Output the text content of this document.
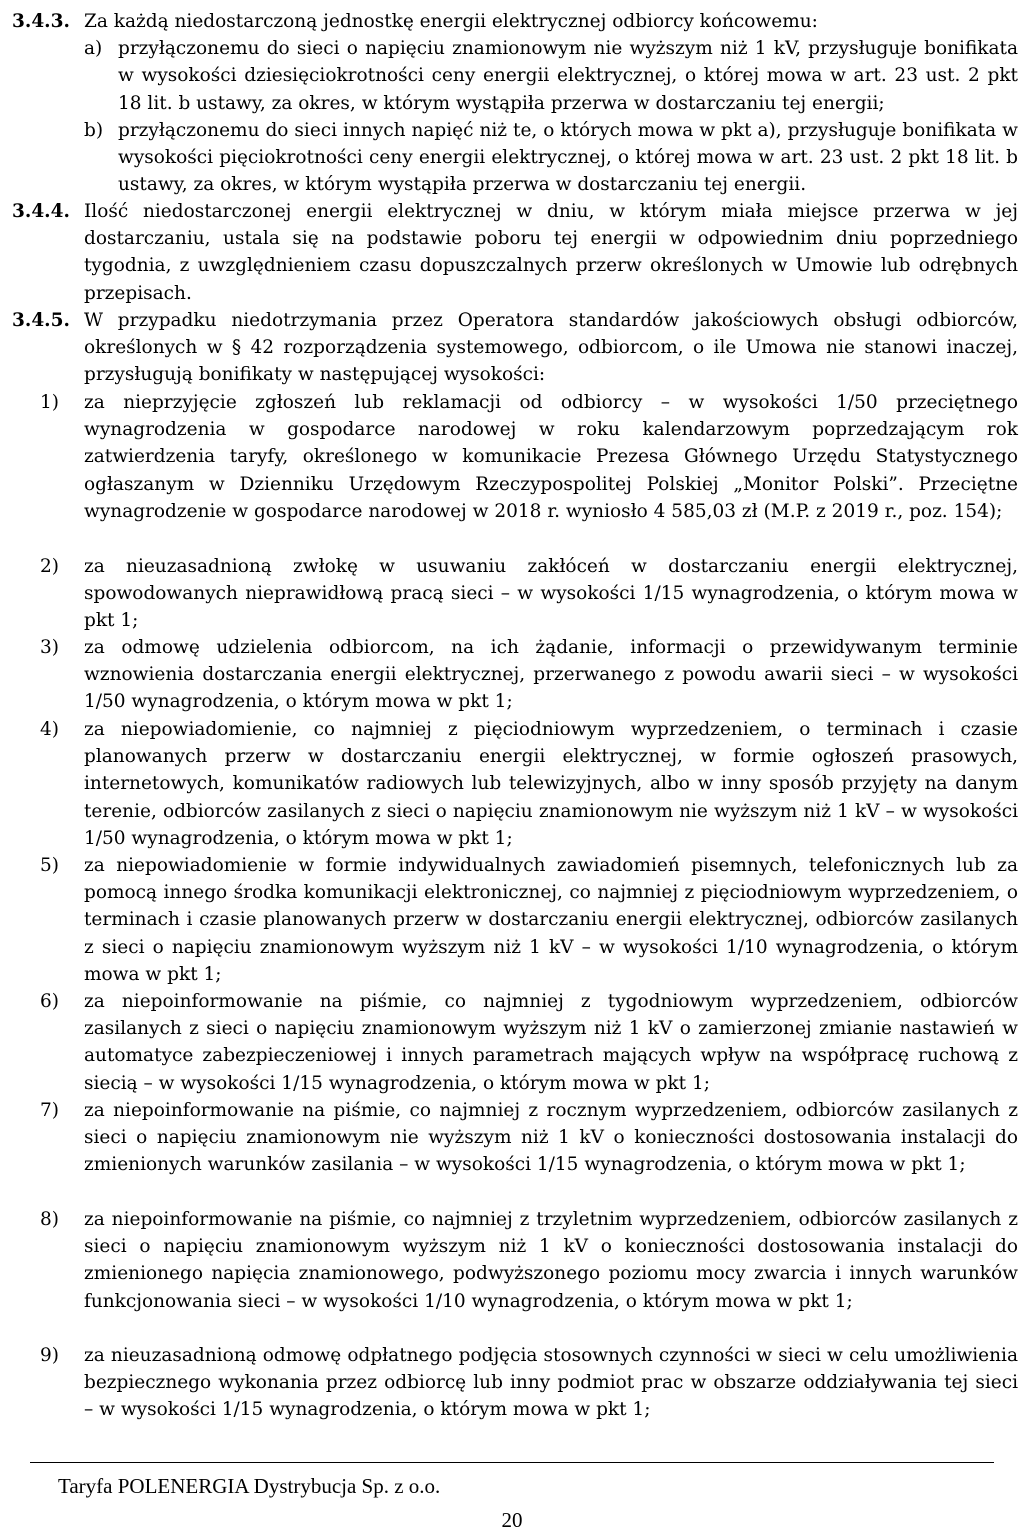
3.4.3. Za każdą niedostarczoną jednostkę energii elektrycznej odbiorcy końcowemu:
a) przyłączonemu do sieci o napięciu znamionowym nie wyższym niż 1 kV, przysługuje bonifikata w wysokości dziesięciokrotności ceny energii elektrycznej, o której mowa w art. 23 ust. 2 pkt 18 lit. b ustawy, za okres, w którym wystąpiła przerwa w dostarczaniu tej energii;
b) przyłączonemu do sieci innych napięć niż te, o których mowa w pkt a), przysługuje bonifikata w wysokości pięciokrotności ceny energii elektrycznej, o której mowa w art. 23 ust. 2 pkt 18 lit. b ustawy, za okres, w którym wystąpiła przerwa w dostarczaniu tej energii.
3.4.4. Ilość niedostarczonej energii elektrycznej w dniu, w którym miała miejsce przerwa w jej dostarczaniu, ustala się na podstawie poboru tej energii w odpowiednim dniu poprzedniego tygodnia, z uwzględnieniem czasu dopuszczalnych przerw określonych w Umowie lub odrębnych przepisach.
3.4.5. W przypadku niedotrzymania przez Operatora standardów jakościowych obsługi odbiorców, określonych w § 42 rozporządzenia systemowego, odbiorcom, o ile Umowa nie stanowi inaczej, przysługują bonifikaty w następującej wysokości:
1) za nieprzyjęcie zgłoszeń lub reklamacji od odbiorcy – w wysokości 1/50 przeciętnego wynagrodzenia w gospodarce narodowej w roku kalendarzowym poprzedzającym rok zatwierdzenia taryfy, określonego w komunikacie Prezesa Głównego Urzędu Statystycznego ogłaszanym w Dzienniku Urzędowym Rzeczypospolitej Polskiej „Monitor Polski”. Przeciętne wynagrodzenie w gospodarce narodowej w 2018 r. wyniosło 4 585,03 zł (M.P. z 2019 r., poz. 154);
2) za nieuzasadnioną zwłokę w usuwaniu zakłóceń w dostarczaniu energii elektrycznej, spowodowanych nieprawidłową pracą sieci – w wysokości 1/15 wynagrodzenia, o którym mowa w pkt 1;
3) za odmowę udzielenia odbiorcom, na ich żądanie, informacji o przewidywanym terminie wznowienia dostarczania energii elektrycznej, przerwanego z powodu awarii sieci – w wysokości 1/50 wynagrodzenia, o którym mowa w pkt 1;
4) za niepowiadomienie, co najmniej z pięciodniowym wyprzedzeniem, o terminach i czasie planowanych przerw w dostarczaniu energii elektrycznej, w formie ogłoszeń prasowych, internetowych, komunikatów radiowych lub telewizyjnych, albo w inny sposób przyjęty na danym terenie, odbiorców zasilanych z sieci o napięciu znamionowym nie wyższym niż 1 kV – w wysokości 1/50 wynagrodzenia, o którym mowa w pkt 1;
5) za niepowiadomienie w formie indywidualnych zawiadomień pisemnych, telefonicznych lub za pomocą innego środka komunikacji elektronicznej, co najmniej z pięciodniowym wyprzedzeniem, o terminach i czasie planowanych przerw w dostarczaniu energii elektrycznej, odbiorców zasilanych z sieci o napięciu znamionowym wyższym niż 1 kV – w wysokości 1/10 wynagrodzenia, o którym mowa w pkt 1;
6) za niepoinformowanie na piśmie, co najmniej z tygodniowym wyprzedzeniem, odbiorców zasilanych z sieci o napięciu znamionowym wyższym niż 1 kV o zamierzonej zmianie nastawień w automatyce zabezpieczeniowej i innych parametrach mających wpływ na współpracę ruchową z siecią – w wysokości 1/15 wynagrodzenia, o którym mowa w pkt 1;
7) za niepoinformowanie na piśmie, co najmniej z rocznym wyprzedzeniem, odbiorców zasilanych z sieci o napięciu znamionowym nie wyższym niż 1 kV o konieczności dostosowania instalacji do zmienionych warunków zasilania – w wysokości 1/15 wynagrodzenia, o którym mowa w pkt 1;
8) za niepoinformowanie na piśmie, co najmniej z trzyletnim wyprzedzeniem, odbiorców zasilanych z sieci o napięciu znamionowym wyższym niż 1 kV o konieczności dostosowania instalacji do zmienionego napięcia znamionowego, podwyższonego poziomu mocy zwarcia i innych warunków funkcjonowania sieci – w wysokości 1/10 wynagrodzenia, o którym mowa w pkt 1;
9) za nieuzasadnioną odmowę odpłatnego podjęcia stosownych czynności w sieci w celu umożliwienia bezpiecznego wykonania przez odbiorcę lub inny podmiot prac w obszarze oddziaływania tej sieci – w wysokości 1/15 wynagrodzenia, o którym mowa w pkt 1;
Taryfa POLENERGIA Dystrybucja Sp. z o.o.
20
